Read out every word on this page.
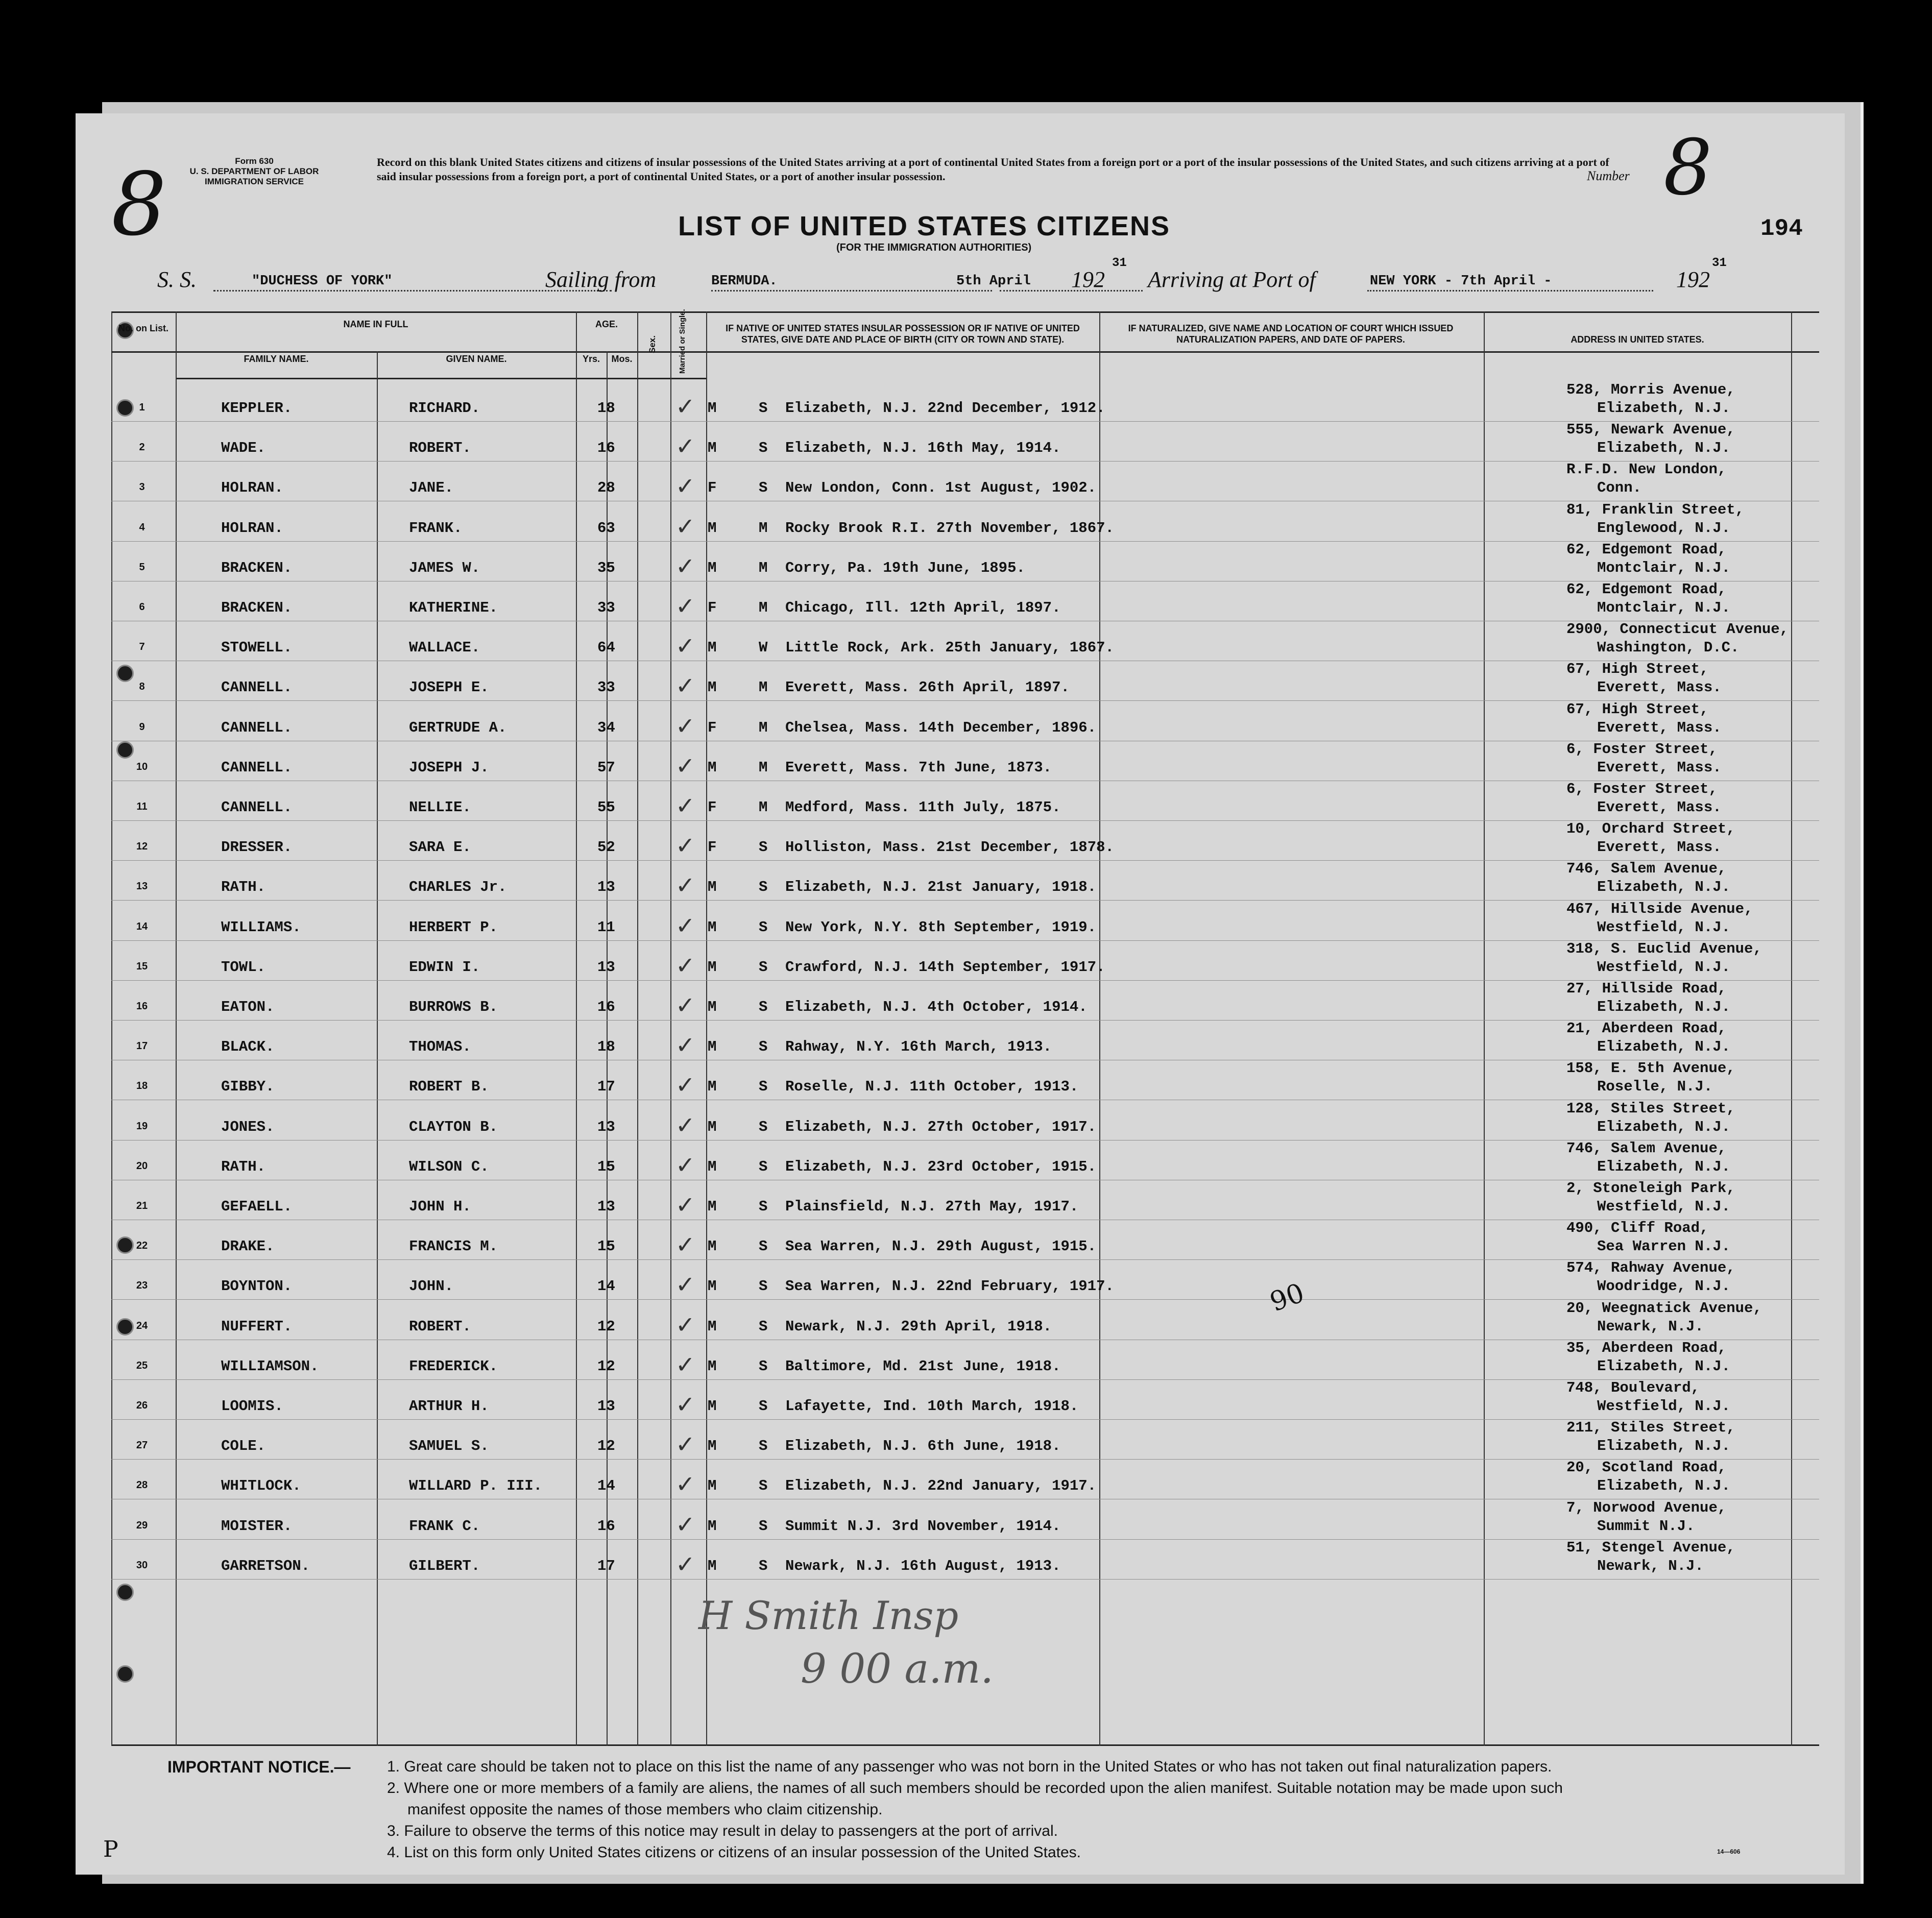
8	Form 630
U. S. DEPARTMENT OF LABOR
IMMIGRATION SERVICE
Record on this blank United States citizens and citizens of insular possessions of the United States arriving at a port of continental United States from a foreign port or a port of the insular possessions of the United States, and such citizens arriving at a port of said insular possessions from a foreign port, a port of continental United States, or a port of another insular possession.	Number 8
194
LIST OF UNITED STATES CITIZENS
(FOR THE IMMIGRATION AUTHORITIES)
S. S.	"DUCHESS OF YORK"	Sailing from	BERMUDA.	5th April 192
31
Arriving at Port of	NEW YORK - 7th April -	192
31
No. on List.	NAME IN FULL
FAMILY NAME.	GIVEN NAME.
AGE.
Yrs.	Mos.
Sex.	Married or Single.	IF NATIVE OF UNITED STATES INSULAR POSSESSION OR IF NATIVE OF UNITED STATES, GIVE DATE AND PLACE OF BIRTH (CITY OR TOWN AND STATE).
IF NATURALIZED, GIVE NAME AND LOCATION OF COURT WHICH ISSUED NATURALIZATION PAPERS, AND DATE OF PAPERS.	ADDRESS IN UNITED STATES.
1	KEPPLER.	RICHARD.	18	✓ M	S Elizabeth, N.J. 22nd December, 1912.
528, Morris Avenue,
Elizabeth, N.J.
2	WADE.	ROBERT.	16	✓ M	S Elizabeth, N.J. 16th May, 1914.
555, Newark Avenue,
Elizabeth, N.J.
3	HOLRAN.	JANE.	28	✓ F	S New London, Conn. 1st August, 1902.
R.F.D. New London,
Conn.
4	HOLRAN.	FRANK.	63	✓ M	M Rocky Brook R.I. 27th November, 1867.
81, Franklin Street,
Englewood, N.J.
5	BRACKEN.	JAMES W.	35	✓ M	M Corry, Pa. 19th June, 1895.
62, Edgemont Road,
Montclair, N.J.
6	BRACKEN.	KATHERINE.	33	✓ F	M Chicago, Ill. 12th April, 1897.
62, Edgemont Road,
Montclair, N.J.
7	STOWELL.	WALLACE.	64	✓ M	W Little Rock, Ark. 25th January, 1867.
2900, Connecticut Avenue,
Washington, D.C.
8	CANNELL.	JOSEPH E.	33	✓ M	M Everett, Mass. 26th April, 1897.
67, High Street,
Everett, Mass.
9	CANNELL.	GERTRUDE A.	34	✓ F	M Chelsea, Mass. 14th December, 1896.
67, High Street,
Everett, Mass.
10	CANNELL.	JOSEPH J.	57	✓ M	M Everett, Mass. 7th June, 1873.
6, Foster Street,
Everett, Mass.
11	CANNELL.	NELLIE.	55	✓ F	M Medford, Mass. 11th July, 1875.
6, Foster Street,
Everett, Mass.
12	DRESSER.	SARA E.	52	✓ F	S Holliston, Mass. 21st December, 1878.
10, Orchard Street,
Everett, Mass.
13	RATH.	CHARLES Jr.	13	✓ M	S Elizabeth, N.J. 21st January, 1918.
746, Salem Avenue,
Elizabeth, N.J.
14	WILLIAMS.	HERBERT P.	11	✓ M	S New York, N.Y. 8th September, 1919.
467, Hillside Avenue,
Westfield, N.J.
15	TOWL.	EDWIN I.	13	✓ M	S Crawford, N.J. 14th September, 1917.
318, S. Euclid Avenue,
Westfield, N.J.
16	EATON.	BURROWS B.	16	✓ M	S Elizabeth, N.J. 4th October, 1914.
27, Hillside Road,
Elizabeth, N.J.
17	BLACK.	THOMAS.	18	✓ M	S Rahway, N.Y. 16th March, 1913.
21, Aberdeen Road,
Elizabeth, N.J.
18	GIBBY.	ROBERT B.	17	✓ M	S Roselle, N.J. 11th October, 1913.
158, E. 5th Avenue,
Roselle, N.J.
19	JONES.	CLAYTON B.	13	✓ M	S Elizabeth, N.J. 27th October, 1917.
128, Stiles Street,
Elizabeth, N.J.
20	RATH.	WILSON C.	15	✓ M	S Elizabeth, N.J. 23rd October, 1915.
746, Salem Avenue,
Elizabeth, N.J.
21	GEFAELL.	JOHN H.	13	✓ M	S Plainsfield, N.J. 27th May, 1917.
2, Stoneleigh Park,
Westfield, N.J.
22	DRAKE.	FRANCIS M.	15	✓ M	S Sea Warren, N.J. 29th August, 1915.
490, Cliff Road,
Sea Warren N.J.
23	BOYNTON.	JOHN.	14	✓ M	S Sea Warren, N.J. 22nd February, 1917.
574, Rahway Avenue,
Woodridge, N.J.
24	NUFFERT.	ROBERT.	12	✓ M	S Newark, N.J. 29th April, 1918.
20, Weegnatick Avenue,
Newark, N.J.
25	WILLIAMSON.	FREDERICK.	12	✓ M	S Baltimore, Md. 21st June, 1918.
35, Aberdeen Road,
Elizabeth, N.J.
26	LOOMIS.	ARTHUR H.	13	✓ M	S Lafayette, Ind. 10th March, 1918.
748, Boulevard,
Westfield, N.J.
27	COLE.	SAMUEL S.	12	✓ M	S Elizabeth, N.J. 6th June, 1918.
211, Stiles Street,
Elizabeth, N.J.
28	WHITLOCK.	WILLARD P. III.	14	✓ M	S Elizabeth, N.J. 22nd January, 1917.
20, Scotland Road,
Elizabeth, N.J.
29	MOISTER.	FRANK C.	16	✓ M	S Summit N.J. 3rd November, 1914.
7, Norwood Avenue,
Summit N.J.
30	GARRETSON.	GILBERT.	17	✓ M	S Newark, N.J. 16th August, 1913.
51, Stengel Avenue,
Newark, N.J.
90
H Smith Insp
9 00 a.m.
IMPORTANT NOTICE.— 1. Great care should be taken not to place on this list the name of any passenger who was not born in the United States or who has not taken out final naturalization papers.
2. Where one or more members of a family are aliens, the names of all such members should be recorded upon the alien manifest. Suitable notation may be made upon such
manifest opposite the names of those members who claim citizenship.
3. Failure to observe the terms of this notice may result in delay to passengers at the port of arrival.
4. List on this form only United States citizens or citizens of an insular possession of the United States.	14—606
P
